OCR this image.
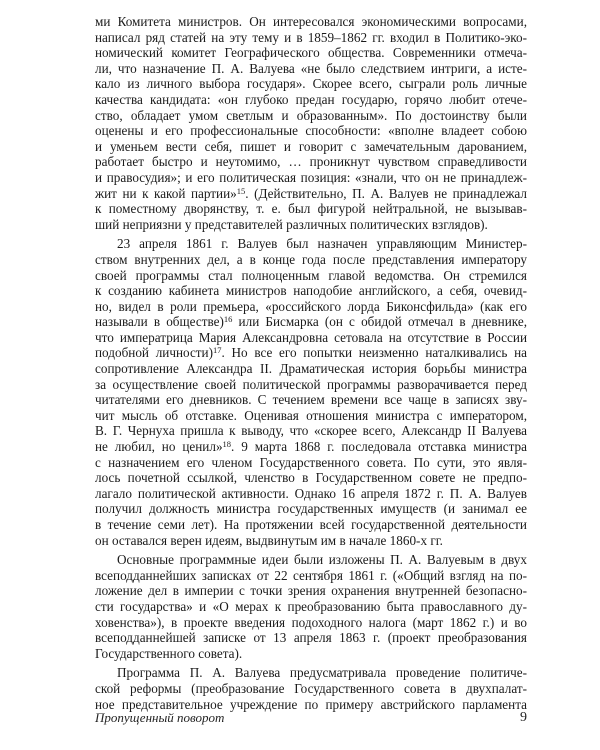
ми Комитета министров. Он интересовался экономическими вопросами,
написал ряд статей на эту тему и в 1859–1862 гг. входил в Политико-эко-
номический комитет Географического общества. Современники отмеча-
ли, что назначение П. А. Валуева «не было следствием интриги, а исте-
кало из личного выбора государя». Скорее всего, сыграли роль личные
качества кандидата: «он глубоко предан государю, горячо любит отече-
ство, обладает умом светлым и образованным». По достоинству были
оценены и его профессиональные способности: «вполне владеет собою
и уменьем вести себя, пишет и говорит с замечательным дарованием,
работает быстро и неутомимо, … проникнут чувством справедливости
и правосудия»; и его политическая позиция: «знали, что он не принадлеж-
жит ни к какой партии»$^{15}$. (Действительно, П. А. Валуев не принадлежал
к поместному дворянству, т. е. был фигурой нейтральной, не вызывав-
ший неприязни у представителей различных политических взглядов).
23 апреля 1861 г. Валуев был назначен управляющим Министер-
ством внутренних дел, а в конце года после представления императору
своей программы стал полноценным главой ведомства. Он стремился
к созданию кабинета министров наподобие английского, а себя, очевид-
но, видел в роли премьера, «российского лорда Биконсфильда» (как его
называли в обществе)$^{16}$ или Бисмарка (он с обидой отмечал в дневнике,
что императрица Мария Александровна сетовала на отсутствие в России
подобной личности)$^{17}$. Но все его попытки неизменно наталкивались на
сопротивление Александра II. Драматическая история борьбы министра
за осуществление своей политической программы разворачивается перед
читателями его дневников. С течением времени все чаще в записях зву-
чит мысль об отставке. Оценивая отношения министра с императором,
В. Г. Чернуха пришла к выводу, что «скорее всего, Александр II Валуева
не любил, но ценил»$^{18}$. 9 марта 1868 г. последовала отставка министра
с назначением его членом Государственного совета. По сути, это явля-
лось почетной ссылкой, членство в Государственном совете не предпо-
лагало политической активности. Однако 16 апреля 1872 г. П. А. Валуев
получил должность министра государственных имуществ (и занимал ее
в течение семи лет). На протяжении всей государственной деятельности
он оставался верен идеям, выдвинутым им в начале 1860-х гг.
Основные программные идеи были изложены П. А. Валуевым в двух
всеподданнейших записках от 22 сентября 1861 г. («Общий взгляд на по-
ложение дел в империи с точки зрения охранения внутренней безопасно-
сти государства» и «О мерах к преобразованию быта православного ду-
ховенства»), в проекте введения подоходного налога (март 1862 г.) и во
всеподданнейшей записке от 13 апреля 1863 г. (проект преобразования
Государственного совета).
Программа П. А. Валуева предусматривала проведение политиче-
ской реформы (преобразование Государственного совета в двухпалат-
ное представительное учреждение по примеру австрийского парламента
Пропущенный поворот	9
